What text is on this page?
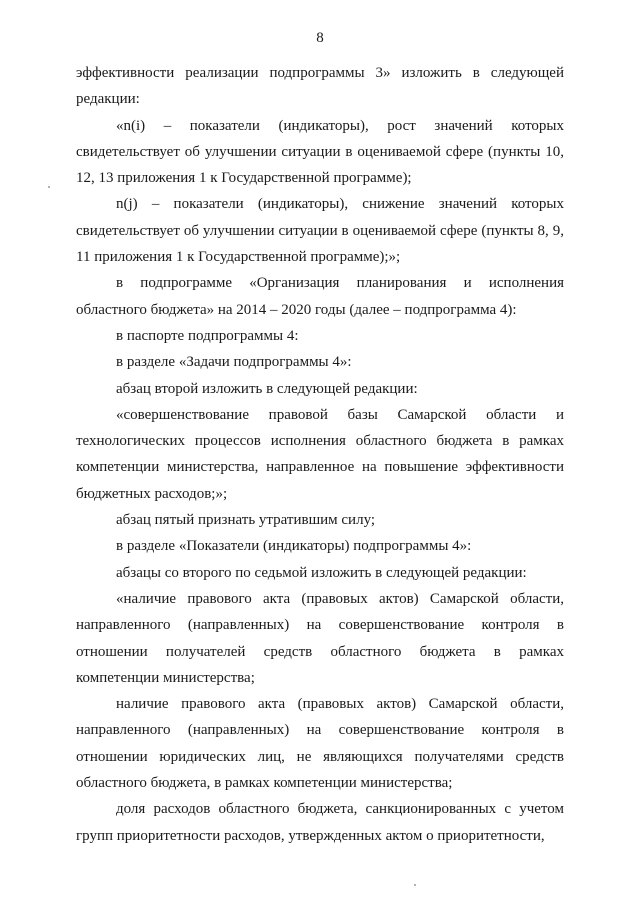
8

эффективности реализации подпрограммы 3» изложить в следующей редакции:

«n(i) – показатели (индикаторы), рост значений которых свидетельствует об улучшении ситуации в оцениваемой сфере (пункты 10, 12, 13 приложения 1 к Государственной программе);

n(j) – показатели (индикаторы), снижение значений которых свидетельствует об улучшении ситуации в оцениваемой сфере (пункты 8, 9, 11 приложения 1 к Государственной программе);»;

в подпрограмме «Организация планирования и исполнения областного бюджета» на 2014 – 2020 годы (далее – подпрограмма 4):

в паспорте подпрограммы 4:

в разделе «Задачи подпрограммы 4»:

абзац второй изложить в следующей редакции:

«совершенствование правовой базы Самарской области и технологических процессов исполнения областного бюджета в рамках компетенции министерства, направленное на повышение эффективности бюджетных расходов;»;

абзац пятый признать утратившим силу;

в разделе «Показатели (индикаторы) подпрограммы 4»:

абзацы со второго по седьмой изложить в следующей редакции:

«наличие правового акта (правовых актов) Самарской области, направленного (направленных) на совершенствование контроля в отношении получателей средств областного бюджета в рамках компетенции министерства;

наличие правового акта (правовых актов) Самарской области, направленного (направленных) на совершенствование контроля в отношении юридических лиц, не являющихся получателями средств областного бюджета, в рамках компетенции министерства;

доля расходов областного бюджета, санкционированных с учетом групп приоритетности расходов, утвержденных актом о приоритетности,
